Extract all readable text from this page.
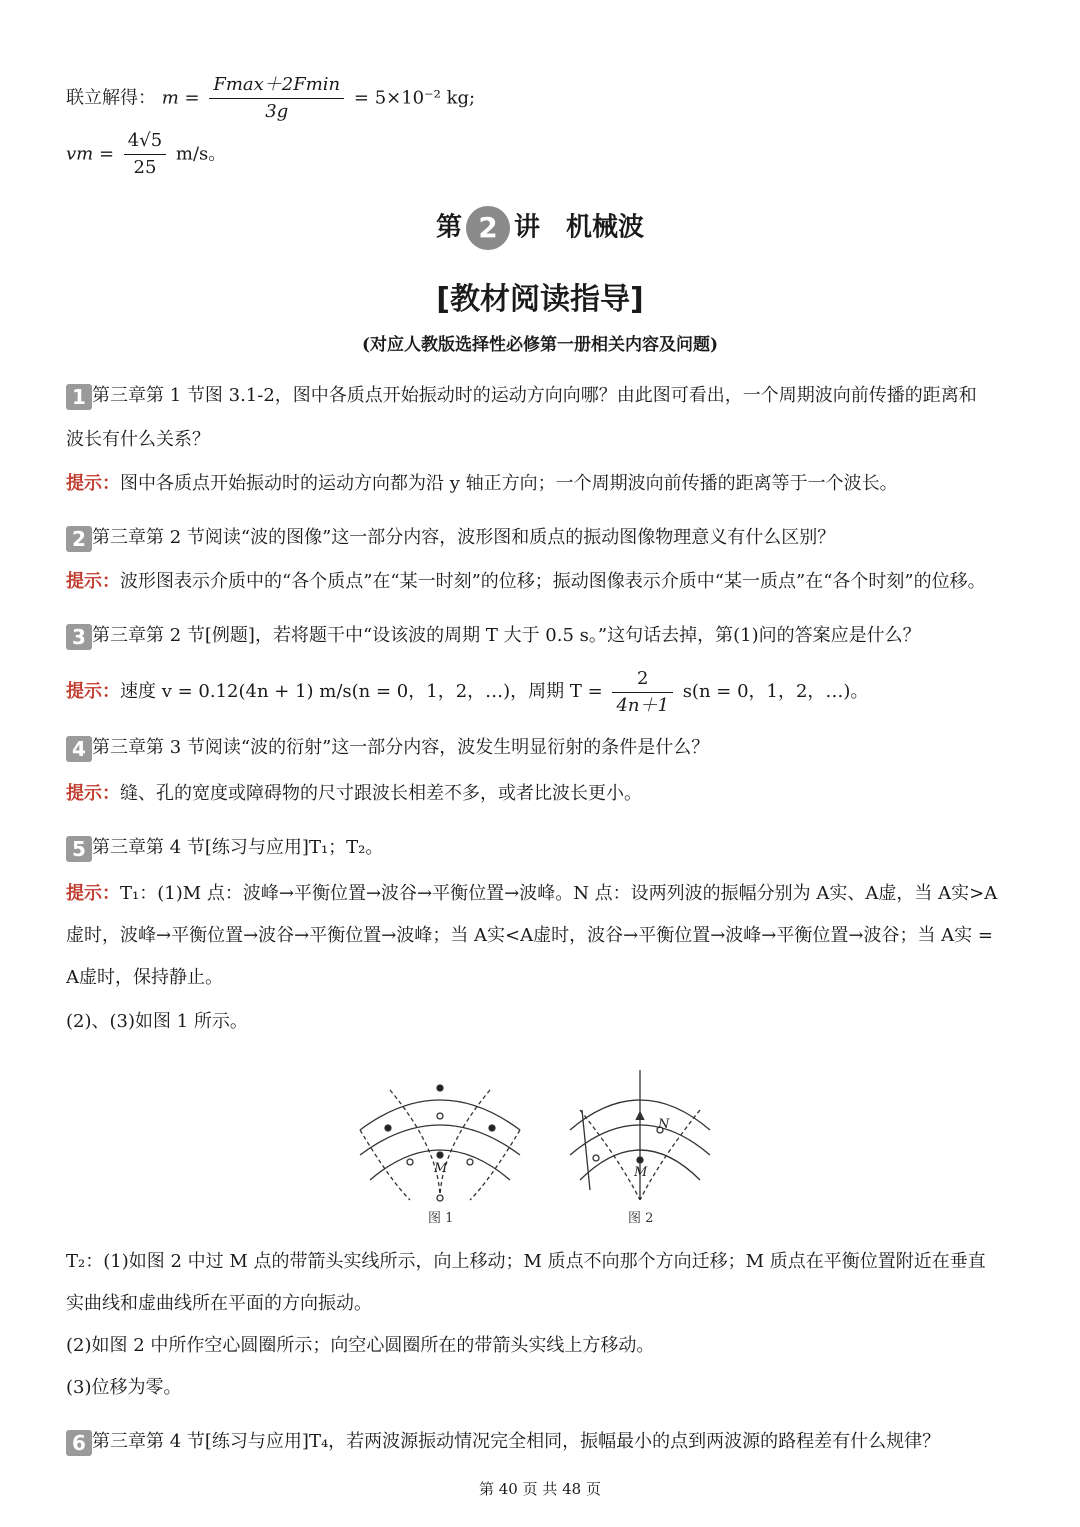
联立解得： $m = \frac{Fmax+2Fmin}{3g} = 5\times 10^{-2}$ kg;
vm = $\frac{4√5}{25} m/s$。
第 2 讲　机械波
[教材阅读指导]
(对应人教版选择性必修第一册相关内容及问题)
1 第三章第 1 节图 3.1-2，图中各质点开始振动时的运动方向向哪？由此图可看出，一个周期波向前传播的距离和
波长有什么关系？
提示：图中各质点开始振动时的运动方向都为沿 y 轴正方向；一个周期波向前传播的距离等于一个波长。
2 第三章第 2 节阅读“波的图像”这一部分内容，波形图和质点的振动图像物理意义有什么区别？
提示：波形图表示介质中的“各个质点”在“某一时刻”的位移；振动图像表示介质中“某一质点”在“各个时刻”的位移。
3 第三章第 2 节[例题]，若将题干中“设该波的周期 T 大于 0.5 s。”这句话去掉，第(1)问的答案应是什么？
提示：速度 v = 0.12(4n + 1) m/s(n = 0，1，2，…)，周期 $T = \frac{2}{4n+1} s(n = 0$，1，2，…)。
4 第三章第 3 节阅读“波的衍射”这一部分内容，波发生明显衍射的条件是什么？
提示：缝、孔的宽度或障碍物的尺寸跟波长相差不多，或者比波长更小。
5 第三章第 4 节[练习与应用]T₁；T₂。
提示：T₁：(1)M 点：波峰→平衡位置→波谷→平衡位置→波峰。N 点：设两列波的振幅分别为 A实、A虚，当 A实>A
虚时，波峰→平衡位置→波谷→平衡位置→波峰；当 A实<A虚时，波谷→平衡位置→波峰→平衡位置→波谷；当 A实 =
A虚时，保持静止。
(2)、(3)如图 1 所示。
M
图 1
M
N
图 2
T₂：(1)如图 2 中过 M 点的带箭头实线所示，向上移动；M 质点不向那个方向迁移；M 质点在平衡位置附近在垂直
实曲线和虚曲线所在平面的方向振动。
(2)如图 2 中所作空心圆圈所示；向空心圆圈所在的带箭头实线上方移动。
(3)位移为零。
6 第三章第 4 节[练习与应用]T₄，若两波源振动情况完全相同，振幅最小的点到两波源的路程差有什么规律？
第 40 页 共 48 页
